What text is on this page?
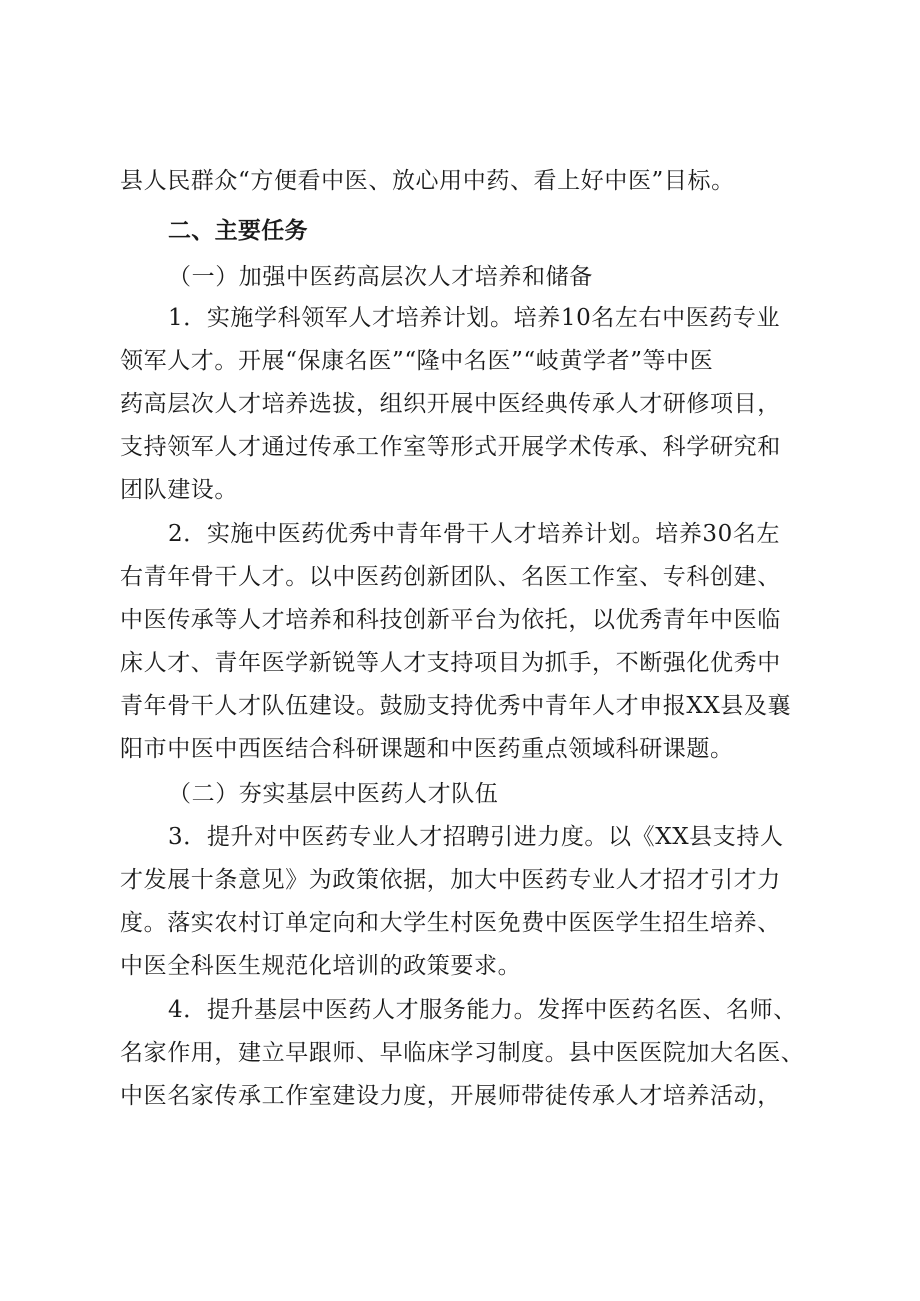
县人民群众“方便看中医、放心用中药、看上好中医”目标。
二、主要任务
（一）加强中医药高层次人才培养和储备
1．实施学科领军人才培养计划。培养10名左右中医药专业
领军人才。开展“保康名医”“隆中名医”“岐黄学者”等中医
药高层次人才培养选拔，组织开展中医经典传承人才研修项目，
支持领军人才通过传承工作室等形式开展学术传承、科学研究和
团队建设。
2．实施中医药优秀中青年骨干人才培养计划。培养30名左
右青年骨干人才。以中医药创新团队、名医工作室、专科创建、
中医传承等人才培养和科技创新平台为依托，以优秀青年中医临
床人才、青年医学新锐等人才支持项目为抓手，不断强化优秀中
青年骨干人才队伍建设。鼓励支持优秀中青年人才申报XX县及襄
阳市中医中西医结合科研课题和中医药重点领域科研课题。
（二）夯实基层中医药人才队伍
3．提升对中医药专业人才招聘引进力度。以《XX县支持人
才发展十条意见》为政策依据，加大中医药专业人才招才引才力
度。落实农村订单定向和大学生村医免费中医医学生招生培养、
中医全科医生规范化培训的政策要求。
4．提升基层中医药人才服务能力。发挥中医药名医、名师、
名家作用，建立早跟师、早临床学习制度。县中医医院加大名医、
中医名家传承工作室建设力度，开展师带徒传承人才培养活动，
